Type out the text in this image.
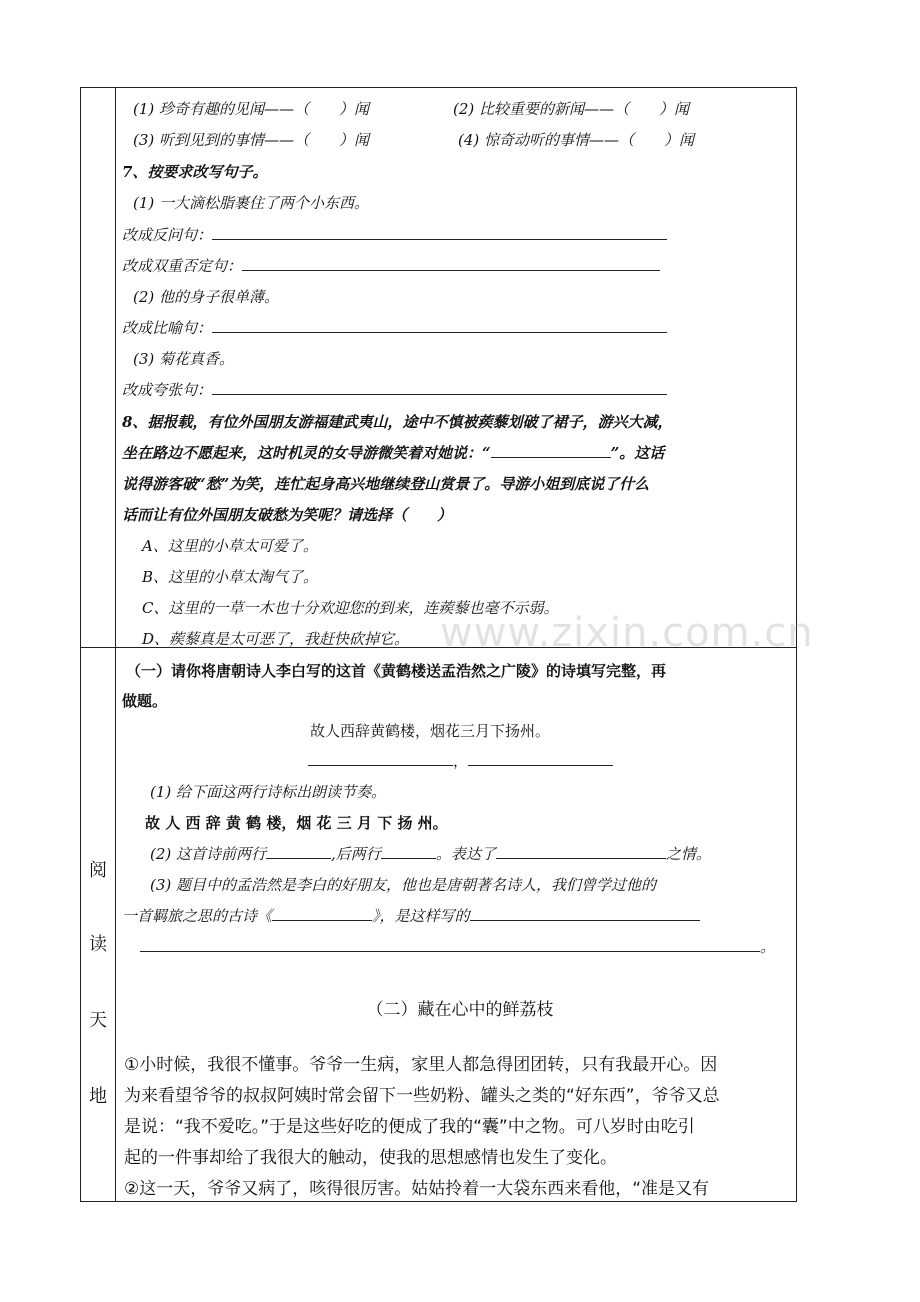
阅
读
天
地
(1) 珍奇有趣的见闻——（　　）闻	(2) 比较重要的新闻——（　　）闻
(3) 听到见到的事情——（　　）闻	(4) 惊奇动听的事情——（　　）闻
7、按要求改写句子。
(1) 一大滴松脂裹住了两个小东西。
改成反问句：
改成双重否定句：
(2) 他的身子很单薄。
改成比喻句：
(3) 菊花真香。
改成夸张句：
8、据报载，有位外国朋友游福建武夷山，途中不慎被蒺藜划破了裙子，游兴大减，
坐在路边不愿起来，这时机灵的女导游微笑着对她说：“	”。这话
说得游客破“愁”为笑，连忙起身高兴地继续登山赏景了。导游小姐到底说了什么
话而让有位外国朋友破愁为笑呢？请选择（　　）
A、这里的小草太可爱了。
B、这里的小草太淘气了。
C、这里的一草一木也十分欢迎您的到来，连蒺藜也毫不示弱。
D、蒺藜真是太可恶了，我赶快砍掉它。 www.zixin.com.cn
（一）请你将唐朝诗人李白写的这首《黄鹤楼送孟浩然之广陵》的诗填写完整，再
做题。
故人西辞黄鹤楼，烟花三月下扬州。
，
(1) 给下面这两行诗标出朗读节奏。
故 人 西 辞 黄 鹤 楼，烟 花 三 月 下 扬 州。
(2) 这首诗前两行	,后两行	。表达了	之情。
(3) 题目中的孟浩然是李白的好朋友，他也是唐朝著名诗人，我们曾学过他的
一首羁旅之思的古诗《	》，是这样写的
。
（二）藏在心中的鲜荔枝
①小时候，我很不懂事。爷爷一生病，家里人都急得团团转，只有我最开心。因
为来看望爷爷的叔叔阿姨时常会留下一些奶粉、罐头之类的“好东西”，爷爷又总
是说：“我不爱吃。”于是这些好吃的便成了我的“囊”中之物。可八岁时由吃引
起的一件事却给了我很大的触动，使我的思想感情也发生了变化。
②这一天，爷爷又病了，咳得很厉害。姑姑拎着一大袋东西来看他，“准是又有
